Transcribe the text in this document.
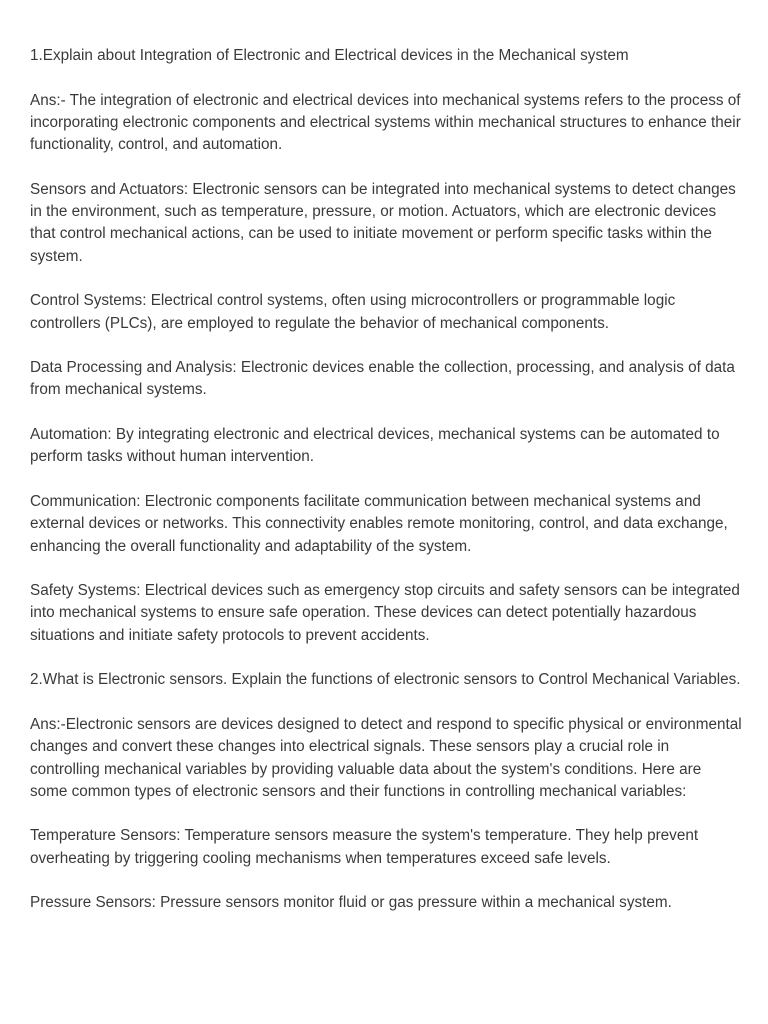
1.Explain about Integration of Electronic and Electrical devices in the Mechanical system

Ans:- The integration of electronic and electrical devices into mechanical systems refers to the process of incorporating electronic components and electrical systems within mechanical structures to enhance their functionality, control, and automation.

Sensors and Actuators: Electronic sensors can be integrated into mechanical systems to detect changes in the environment, such as temperature, pressure, or motion. Actuators, which are electronic devices that control mechanical actions, can be used to initiate movement or perform specific tasks within the system.

Control Systems: Electrical control systems, often using microcontrollers or programmable logic controllers (PLCs), are employed to regulate the behavior of mechanical components.

Data Processing and Analysis: Electronic devices enable the collection, processing, and analysis of data from mechanical systems.

Automation: By integrating electronic and electrical devices, mechanical systems can be automated to perform tasks without human intervention.

Communication: Electronic components facilitate communication between mechanical systems and external devices or networks. This connectivity enables remote monitoring, control, and data exchange, enhancing the overall functionality and adaptability of the system.

Safety Systems: Electrical devices such as emergency stop circuits and safety sensors can be integrated into mechanical systems to ensure safe operation. These devices can detect potentially hazardous situations and initiate safety protocols to prevent accidents.

2.What is Electronic sensors. Explain the functions of electronic sensors to Control Mechanical Variables.

Ans:-Electronic sensors are devices designed to detect and respond to specific physical or environmental changes and convert these changes into electrical signals. These sensors play a crucial role in controlling mechanical variables by providing valuable data about the system's conditions. Here are some common types of electronic sensors and their functions in controlling mechanical variables:

Temperature Sensors: Temperature sensors measure the system's temperature. They help prevent overheating by triggering cooling mechanisms when temperatures exceed safe levels.

Pressure Sensors: Pressure sensors monitor fluid or gas pressure within a mechanical system.
